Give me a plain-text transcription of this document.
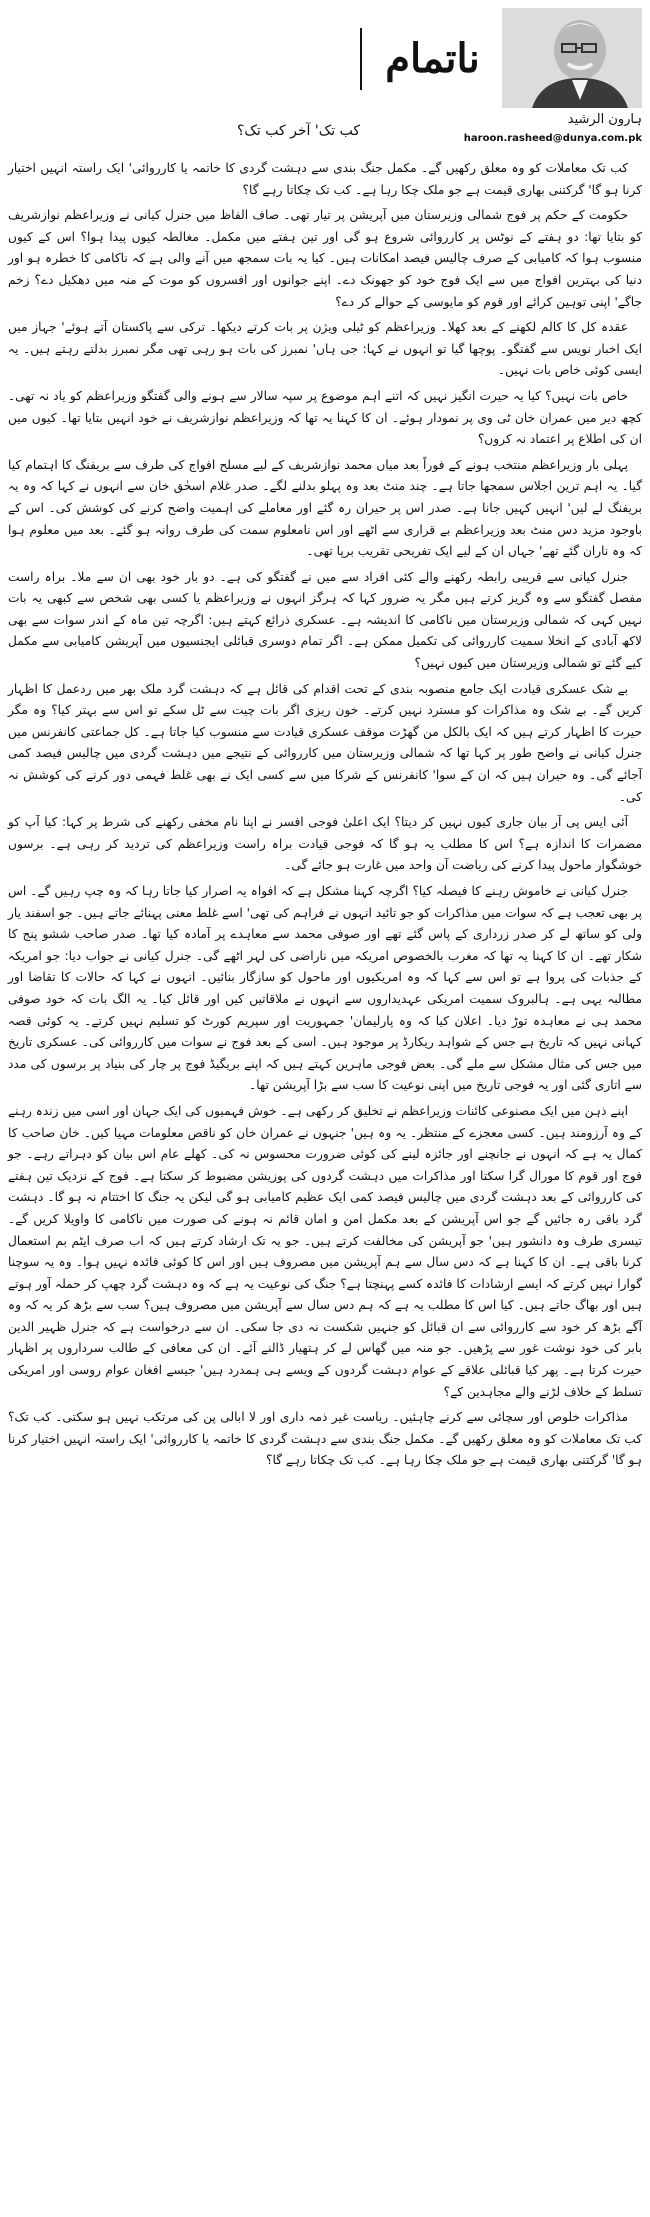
ناتمام
ہارون الرشید
haroon.rasheed@dunya.com.pk
کب تک' آخر کب تک؟

کب تک معاملات کو وہ معلق رکھیں گے۔ مکمل جنگ بندی سے دہشت گردی کا خاتمہ یا کارروائی' ایک راستہ انہیں اختیار کرنا ہو گا' گرکتنی بھاری قیمت ہے جو ملک چکا رہا ہے۔ کب تک چکاتا رہے گا؟

حکومت کے حکم پر فوج شمالی وزیرستان میں آپریشن پر تیار تھی۔ صاف الفاظ میں جنرل کیانی نے وزیراعظم نوازشریف کو بتایا تھا: دو ہفتے کے نوٹس پر کارروائی شروع ہو گی اور تین ہفتے میں مکمل۔ مغالطہ کیوں پیدا ہوا؟ اس کے کیوں منسوب ہوا کہ کامیابی کے صرف چالیس فیصد امکانات ہیں۔ کیا یہ بات سمجھ میں آنے والی ہے کہ ناکامی کا خطرہ ہو اور دنیا کی بہترین افواج میں سے ایک فوج خود کو جھونک دے۔ اپنے جوانوں اور افسروں کو موت کے منہ میں دھکیل دے؟ زخم جاگے' اپنی توہین کرائے اور قوم کو مایوسی کے حوالے کر دے؟

عقدہ کل کا کالم لکھنے کے بعد کھلا۔ وزیراعظم کو ٹیلی ویژن پر بات کرتے دیکھا۔ ترکی سے پاکستان آتے ہوئے' جہاز میں ایک اخبار نویس سے گفتگو۔ پوچھا گیا تو انہوں نے کہا: جی ہاں' نمبرز کی بات ہو رہی تھی مگر نمبرز بدلتے رہتے ہیں۔ یہ ایسی کوئی خاص بات نہیں۔

خاص بات نہیں؟ کیا یہ حیرت انگیز نہیں کہ اتنے اہم موضوع پر سپہ سالار سے ہونے والی گفتگو وزیراعظم کو یاد نہ تھی۔ کچھ دیر میں عمران خان ٹی وی پر نمودار ہوئے۔ ان کا کہنا یہ تھا کہ وزیراعظم نوازشریف نے خود انہیں بتایا تھا۔ کیوں میں ان کی اطلاع پر اعتماد نہ کروں؟

پہلی بار وزیراعظم منتخب ہونے کے فوراً بعد میاں محمد نوازشریف کے لیے مسلح افواج کی طرف سے بریفنگ کا اہتمام کیا گیا۔ یہ اہم ترین اجلاس سمجھا جاتا ہے۔ چند منٹ بعد وہ پہلو بدلنے لگے۔ صدر غلام اسحٰق خان سے انہوں نے کہا کہ وہ یہ بریفنگ لے لیں' انہیں کہیں جانا ہے۔ صدر اس پر حیران رہ گئے اور معاملے کی اہمیت واضح کرنے کی کوشش کی۔ اس کے باوجود مزید دس منٹ بعد وزیراعظم بے قراری سے اٹھے اور اس نامعلوم سمت کی طرف روانہ ہو گئے۔ بعد میں معلوم ہوا کہ وہ ناران گئے تھے' جہاں ان کے لیے ایک تفریحی تقریب برپا تھی۔

جنرل کیانی سے قریبی رابطہ رکھنے والے کئی افراد سے میں نے گفتگو کی ہے۔ دو بار خود بھی ان سے ملا۔ براہ راست مفصل گفتگو سے وہ گریز کرتے ہیں مگر یہ ضرور کہا کہ ہرگز انہوں نے وزیراعظم یا کسی بھی شخص سے کبھی یہ بات نہیں کہی کہ شمالی وزیرستان میں ناکامی کا اندیشہ ہے۔ عسکری ذرائع کہتے ہیں: اگرچہ تین ماہ کے اندر سوات سے بھی لاکھ آبادی کے انخلا سمیت کارروائی کی تکمیل ممکن ہے۔ اگر تمام دوسری قبائلی ایجنسیوں میں آپریشن کامیابی سے مکمل کیے گئے تو شمالی وزیرستان میں کیوں نہیں؟

بے شک عسکری قیادت ایک جامع منصوبہ بندی کے تحت اقدام کی قائل ہے کہ دہشت گرد ملک بھر میں ردعمل کا اظہار کریں گے۔ بے شک وہ مذاکرات کو مسترد نہیں کرتے۔ خون ریزی اگر بات چیت سے ٹل سکے تو اس سے بہتر کیا؟ وہ مگر حیرت کا اظہار کرتے ہیں کہ ایک بالکل من گھڑت موقف عسکری قیادت سے منسوب کیا جاتا ہے۔ کل جماعتی کانفرنس میں جنرل کیانی نے واضح طور پر کہا تھا کہ شمالی وزیرستان میں کارروائی کے نتیجے میں دہشت گردی میں چالیس فیصد کمی آجائے گی۔ وہ حیران ہیں کہ ان کے سوا' کانفرنس کے شرکا میں سے کسی ایک نے بھی غلط فہمی دور کرنے کی کوشش نہ کی۔

آئی ایس پی آر بیان جاری کیوں نہیں کر دیتا؟ ایک اعلیٰ فوجی افسر نے اپنا نام مخفی رکھنے کی شرط پر کہا: کیا آپ کو مضمرات کا اندازہ ہے؟ اس کا مطلب یہ ہو گا کہ فوجی قیادت براہ راست وزیراعظم کی تردید کر رہی ہے۔ برسوں خوشگوار ماحول پیدا کرنے کی ریاضت آن واحد میں غارت ہو جائے گی۔

جنرل کیانی نے خاموش رہنے کا فیصلہ کیا؟ اگرچہ کہنا مشکل ہے کہ افواہ یہ اصرار کیا جاتا رہا کہ وہ چپ رہیں گے۔ اس پر بھی تعجب ہے کہ سوات میں مذاکرات کو جو تائید انہوں نے فراہم کی تھی' اسے غلط معنی پہنائے جاتے ہیں۔ جو اسفند یار ولی کو ساتھ لے کر صدر زرداری کے پاس گئے تھے اور صوفی محمد سے معاہدے پر آمادہ کیا تھا۔ صدر صاحب ششو پنج کا شکار تھے۔ ان کا کہنا یہ تھا کہ مغرب بالخصوص امریکہ میں ناراضی کی لہر اٹھے گی۔ جنرل کیانی نے جواب دیا: جو امریکہ کے جذبات کی پروا ہے تو اس سے کہا کہ وہ امریکیوں اور ماحول کو سازگار بنائیں۔ انہوں نے کہا کہ حالات کا تقاضا اور مطالبہ یہی ہے۔ ہالبروک سمیت امریکی عہدیداروں سے انہوں نے ملاقاتیں کیں اور قائل کیا۔ یہ الگ بات کہ خود صوفی محمد ہی نے معاہدہ توڑ دیا۔ اعلان کیا کہ وہ پارلیمان' جمہوریت اور سپریم کورٹ کو تسلیم نہیں کرتے۔ یہ کوئی قصہ کہانی نہیں کہ تاریخ ہے جس کے شواہد ریکارڈ پر موجود ہیں۔ اسی کے بعد فوج نے سوات میں کارروائی کی۔ عسکری تاریخ میں جس کی مثال مشکل سے ملے گی۔ بعض فوجی ماہرین کہتے ہیں کہ اپنے بریگیڈ فوج پر چار کی بنیاد پر برسوں کی مدد سے اتاری گئی اور یہ فوجی تاریخ میں اپنی نوعیت کا سب سے بڑا آپریشن تھا۔

اپنے ذہن میں ایک مصنوعی کائنات وزیراعظم نے تخلیق کر رکھی ہے۔ خوش فہمیوں کی ایک جہان اور اسی میں زندہ رہنے کے وہ آرزومند ہیں۔ کسی معجزے کے منتظر۔ یہ وہ ہیں' جنہوں نے عمران خان کو ناقص معلومات مہیا کیں۔ خان صاحب کا کمال یہ ہے کہ انہوں نے جانچنے اور جائزہ لینے کی کوئی ضرورت محسوس نہ کی۔ کھلے عام اس بیان کو دہراتے رہے۔ جو فوج اور قوم کا مورال گرا سکتا اور مذاکرات میں دہشت گردوں کی پوزیشن مضبوط کر سکتا ہے۔ فوج کے نزدیک تین ہفتے کی کارروائی کے بعد دہشت گردی میں چالیس فیصد کمی ایک عظیم کامیابی ہو گی لیکن یہ جنگ کا اختتام نہ ہو گا۔ دہشت گرد باقی رہ جائیں گے جو اس آپریشن کے بعد مکمل امن و امان قائم نہ ہونے کی صورت میں ناکامی کا واویلا کریں گے۔ تیسری طرف وہ دانشور ہیں' جو آپریشن کی مخالفت کرتے ہیں۔ جو یہ تک ارشاد کرتے ہیں کہ اب صرف ایٹم بم استعمال کرنا باقی ہے۔ ان کا کہنا ہے کہ دس سال سے ہم آپریشن میں مصروف ہیں اور اس کا کوئی فائدہ نہیں ہوا۔ وہ یہ سوچنا گوارا نہیں کرتے کہ ایسے ارشادات کا فائدہ کسے پہنچتا ہے؟ جنگ کی نوعیت یہ ہے کہ وہ دہشت گرد چھپ کر حملہ آور ہوتے ہیں اور بھاگ جاتے ہیں۔ کیا اس کا مطلب یہ ہے کہ ہم دس سال سے آپریشن میں مصروف ہیں؟ سب سے بڑھ کر یہ کہ وہ آگے بڑھ کر خود سے کارروائی سے ان قبائل کو جنہیں شکست نہ دی جا سکی۔ ان سے درخواست ہے کہ جنرل ظہیر الدین بابر کی خود نوشت غور سے پڑھیں۔ جو منہ میں گھاس لے کر ہتھیار ڈالنے آئے۔ ان کی معافی کے طالب سرداروں پر اظہار حیرت کرتا ہے۔ پھر کیا قبائلی علاقے کے عوام دہشت گردوں کے ویسے ہی ہمدرد ہیں' جیسے افغان عوام روسی اور امریکی تسلط کے خلاف لڑنے والے مجاہدین کے؟

مذاکرات خلوص اور سچائی سے کرنے چاہئیں۔ ریاست غیر ذمہ داری اور لا ابالی پن کی مرتکب نہیں ہو سکتی۔ کب تک؟ کب تک معاملات کو وہ معلق رکھیں گے۔ مکمل جنگ بندی سے دہشت گردی کا خاتمہ یا کارروائی' ایک راستہ انہیں اختیار کرنا ہو گا' گرکتنی بھاری قیمت ہے جو ملک چکا رہا ہے۔ کب تک چکاتا رہے گا؟
